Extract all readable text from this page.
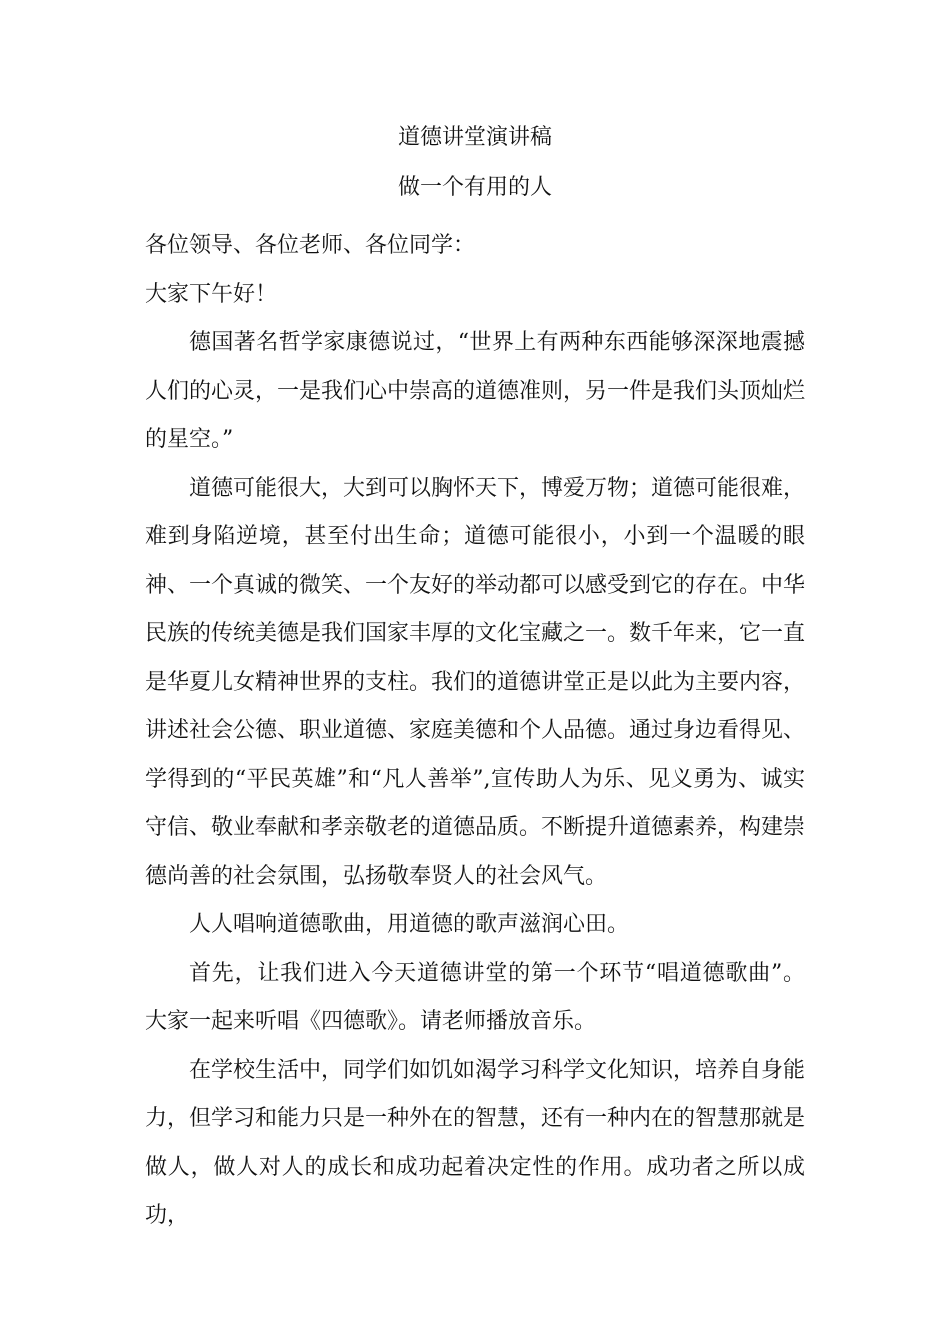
道德讲堂演讲稿
做一个有用的人

各位领导、各位老师、各位同学：

大家下午好！

德国著名哲学家康德说过，“世界上有两种东西能够深深地震撼人们的心灵，一是我们心中崇高的道德准则，另一件是我们头顶灿烂的星空。”

道德可能很大，大到可以胸怀天下，博爱万物；道德可能很难，难到身陷逆境，甚至付出生命；道德可能很小，小到一个温暖的眼神、一个真诚的微笑、一个友好的举动都可以感受到它的存在。中华民族的传统美德是我们国家丰厚的文化宝藏之一。数千年来，它一直是华夏儿女精神世界的支柱。我们的道德讲堂正是以此为主要内容，讲述社会公德、职业道德、家庭美德和个人品德。通过身边看得见、学得到的“平民英雄”和“凡人善举”,宣传助人为乐、见义勇为、诚实守信、敬业奉献和孝亲敬老的道德品质。不断提升道德素养，构建崇德尚善的社会氛围，弘扬敬奉贤人的社会风气。

人人唱响道德歌曲，用道德的歌声滋润心田。

首先，让我们进入今天道德讲堂的第一个环节“唱道德歌曲”。大家一起来听唱《四德歌》。请老师播放音乐。

在学校生活中，同学们如饥如渴学习科学文化知识，培养自身能力，但学习和能力只是一种外在的智慧，还有一种内在的智慧那就是做人，做人对人的成长和成功起着决定性的作用。成功者之所以成功，
